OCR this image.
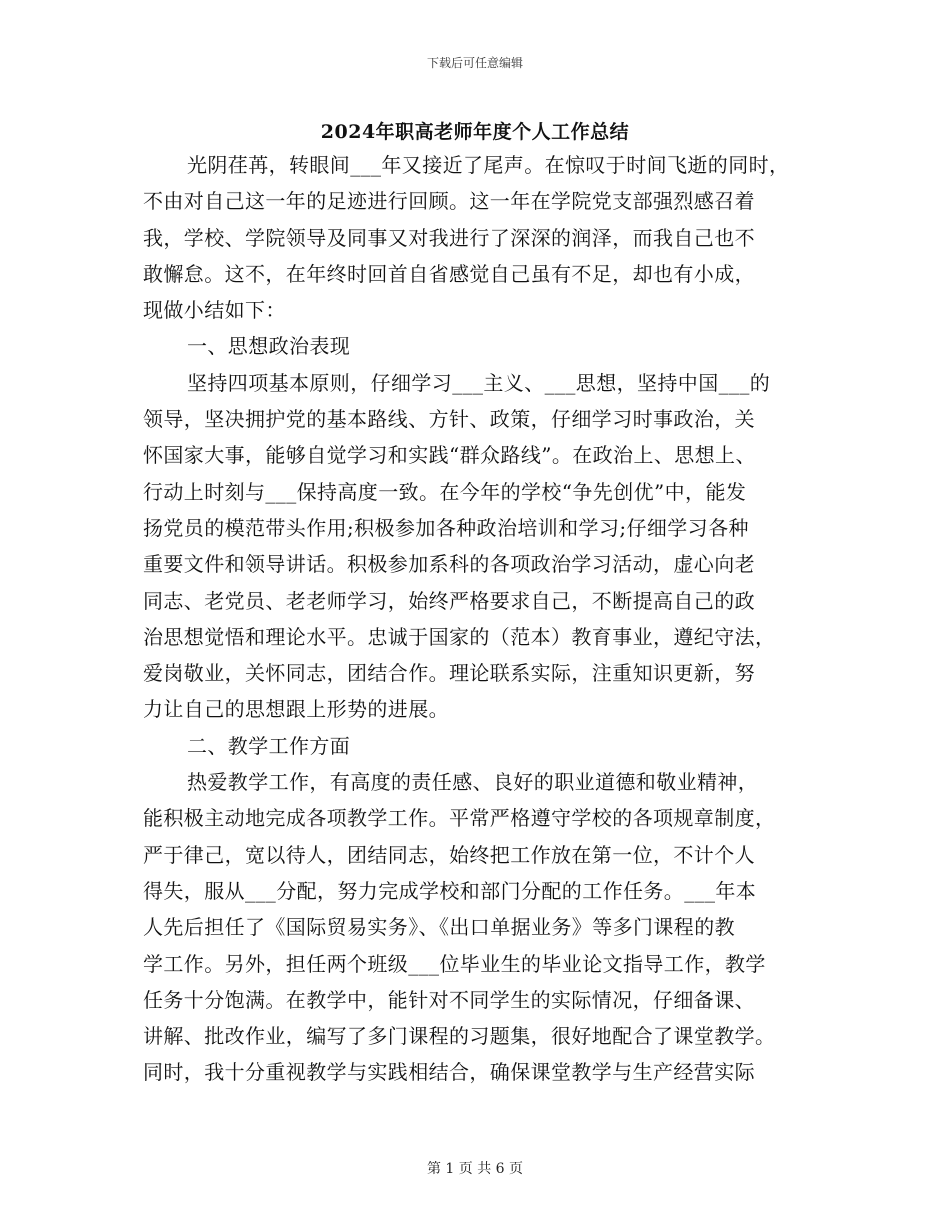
下载后可任意编辑
2024年职高老师年度个人工作总结
光阴荏苒，转眼间___年又接近了尾声。在惊叹于时间飞逝的同时，
不由对自己这一年的足迹进行回顾。这一年在学院党支部强烈感召着
我，学校、学院领导及同事又对我进行了深深的润泽，而我自己也不
敢懈怠。这不，在年终时回首自省感觉自己虽有不足，却也有小成，
现做小结如下：
一、思想政治表现
坚持四项基本原则，仔细学习___主义、___思想，坚持中国___的
领导，坚决拥护党的基本路线、方针、政策，仔细学习时事政治，关
怀国家大事，能够自觉学习和实践“群众路线”。在政治上、思想上、
行动上时刻与___保持高度一致。在今年的学校“争先创优”中，能发
扬党员的模范带头作用;积极参加各种政治培训和学习;仔细学习各种
重要文件和领导讲话。积极参加系科的各项政治学习活动，虚心向老
同志、老党员、老老师学习，始终严格要求自己，不断提高自己的政
治思想觉悟和理论水平。忠诚于国家的（范本）教育事业，遵纪守法，
爱岗敬业，关怀同志，团结合作。理论联系实际，注重知识更新，努
力让自己的思想跟上形势的进展。
二、教学工作方面
热爱教学工作，有高度的责任感、良好的职业道德和敬业精神，
能积极主动地完成各项教学工作。平常严格遵守学校的各项规章制度，
严于律己，宽以待人，团结同志，始终把工作放在第一位，不计个人
得失，服从___分配，努力完成学校和部门分配的工作任务。___年本
人先后担任了《国际贸易实务》、《出口单据业务》等多门课程的教
学工作。另外，担任两个班级___位毕业生的毕业论文指导工作，教学
任务十分饱满。在教学中，能针对不同学生的实际情况，仔细备课、
讲解、批改作业，编写了多门课程的习题集，很好地配合了课堂教学。
同时，我十分重视教学与实践相结合，确保课堂教学与生产经营实际
第 1 页 共 6 页
